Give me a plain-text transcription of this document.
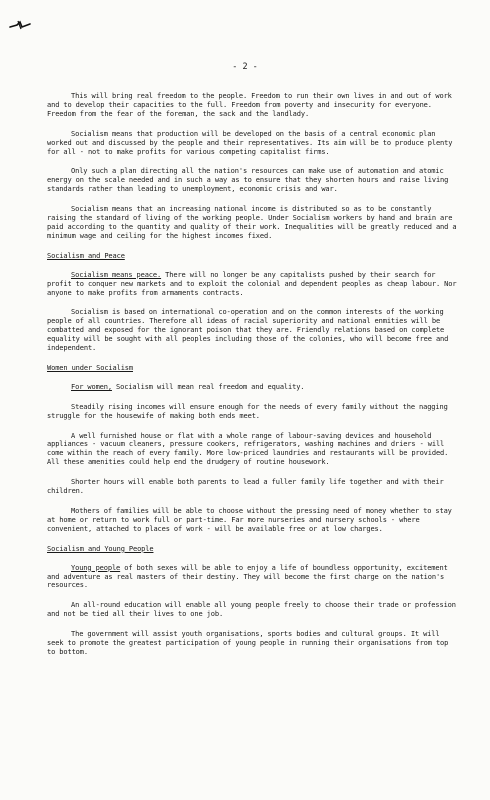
- 2 -

This will bring real freedom to the people. Freedom to run their own lives in and out of work and to develop their capacities to the full. Freedom from poverty and insecurity for everyone. Freedom from the fear of the foreman, the sack and the landlady.

Socialism means that production will be developed on the basis of a central economic plan worked out and discussed by the people and their representatives. Its aim will be to produce plenty for all - not to make profits for various competing capitalist firms.

Only such a plan directing all the nation's resources can make use of automation and atomic energy on the scale needed and in such a way as to ensure that they shorten hours and raise living standards rather than leading to unemployment, economic crisis and war.

Socialism means that an increasing national income is distributed so as to be constantly raising the standard of living of the working people. Under Socialism workers by hand and brain are paid according to the quantity and quality of their work. Inequalities will be greatly reduced and a minimum wage and ceiling for the highest incomes fixed.

Socialism and Peace

Socialism means peace. There will no longer be any capitalists pushed by their search for profit to conquer new markets and to exploit the colonial and dependent peoples as cheap labour. Nor anyone to make profits from armaments contracts.

Socialism is based on international co-operation and on the common interests of the working people of all countries. Therefore all ideas of racial superiority and national enmities will be combatted and exposed for the ignorant poison that they are. Friendly relations based on complete equality will be sought with all peoples including those of the colonies, who will become free and independent.

Women under Socialism

For women, Socialism will mean real freedom and equality.

Steadily rising incomes will ensure enough for the needs of every family without the nagging struggle for the housewife of making both ends meet.

A well furnished house or flat with a whole range of labour-saving devices and household appliances - vacuum cleaners, pressure cookers, refrigerators, washing machines and driers - will come within the reach of every family. More low-priced laundries and restaurants will be provided. All these amenities could help end the drudgery of routine housework.

Shorter hours will enable both parents to lead a fuller family life together and with their children.

Mothers of families will be able to choose without the pressing need of money whether to stay at home or return to work full or part-time. Far more nurseries and nursery schools - where convenient, attached to places of work - will be available free or at low charges.

Socialism and Young People

Young people of both sexes will be able to enjoy a life of boundless opportunity, excitement and adventure as real masters of their destiny. They will become the first charge on the nation's resources.

An all-round education will enable all young people freely to choose their trade or profession and not be tied all their lives to one job.

The government will assist youth organisations, sports bodies and cultural groups. It will seek to promote the greatest participation of young people in running their organisations from top to bottom.
